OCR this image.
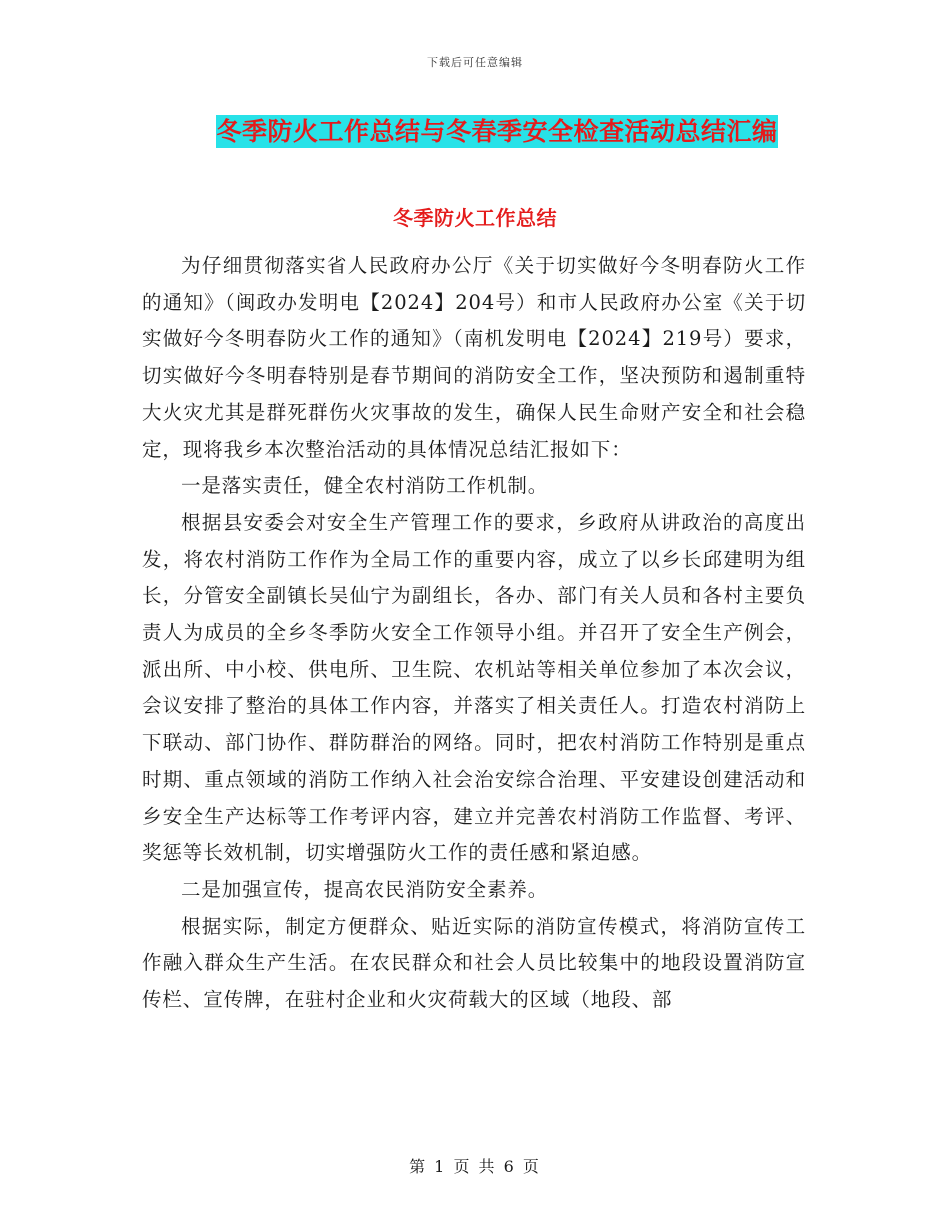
下载后可任意编辑
冬季防火工作总结与冬春季安全检查活动总结汇编
冬季防火工作总结

为仔细贯彻落实省人民政府办公厅《关于切实做好今冬明春防火工作的通知》（闽政办发明电【2024】204号）和市人民政府办公室《关于切实做好今冬明春防火工作的通知》（南机发明电【2024】219号）要求，切实做好今冬明春特别是春节期间的消防安全工作，坚决预防和遏制重特大火灾尤其是群死群伤火灾事故的发生，确保人民生命财产安全和社会稳定，现将我乡本次整治活动的具体情况总结汇报如下：

一是落实责任，健全农村消防工作机制。

根据县安委会对安全生产管理工作的要求，乡政府从讲政治的高度出发，将农村消防工作作为全局工作的重要内容，成立了以乡长邱建明为组长，分管安全副镇长吴仙宁为副组长，各办、部门有关人员和各村主要负责人为成员的全乡冬季防火安全工作领导小组。并召开了安全生产例会，派出所、中小校、供电所、卫生院、农机站等相关单位参加了本次会议，会议安排了整治的具体工作内容，并落实了相关责任人。打造农村消防上下联动、部门协作、群防群治的网络。同时，把农村消防工作特别是重点时期、重点领域的消防工作纳入社会治安综合治理、平安建设创建活动和乡安全生产达标等工作考评内容，建立并完善农村消防工作监督、考评、奖惩等长效机制，切实增强防火工作的责任感和紧迫感。

二是加强宣传，提高农民消防安全素养。

根据实际，制定方便群众、贴近实际的消防宣传模式，将消防宣传工作融入群众生产生活。在农民群众和社会人员比较集中的地段设置消防宣传栏、宣传牌，在驻村企业和火灾荷载大的区域（地段、部

第 1 页 共 6 页
